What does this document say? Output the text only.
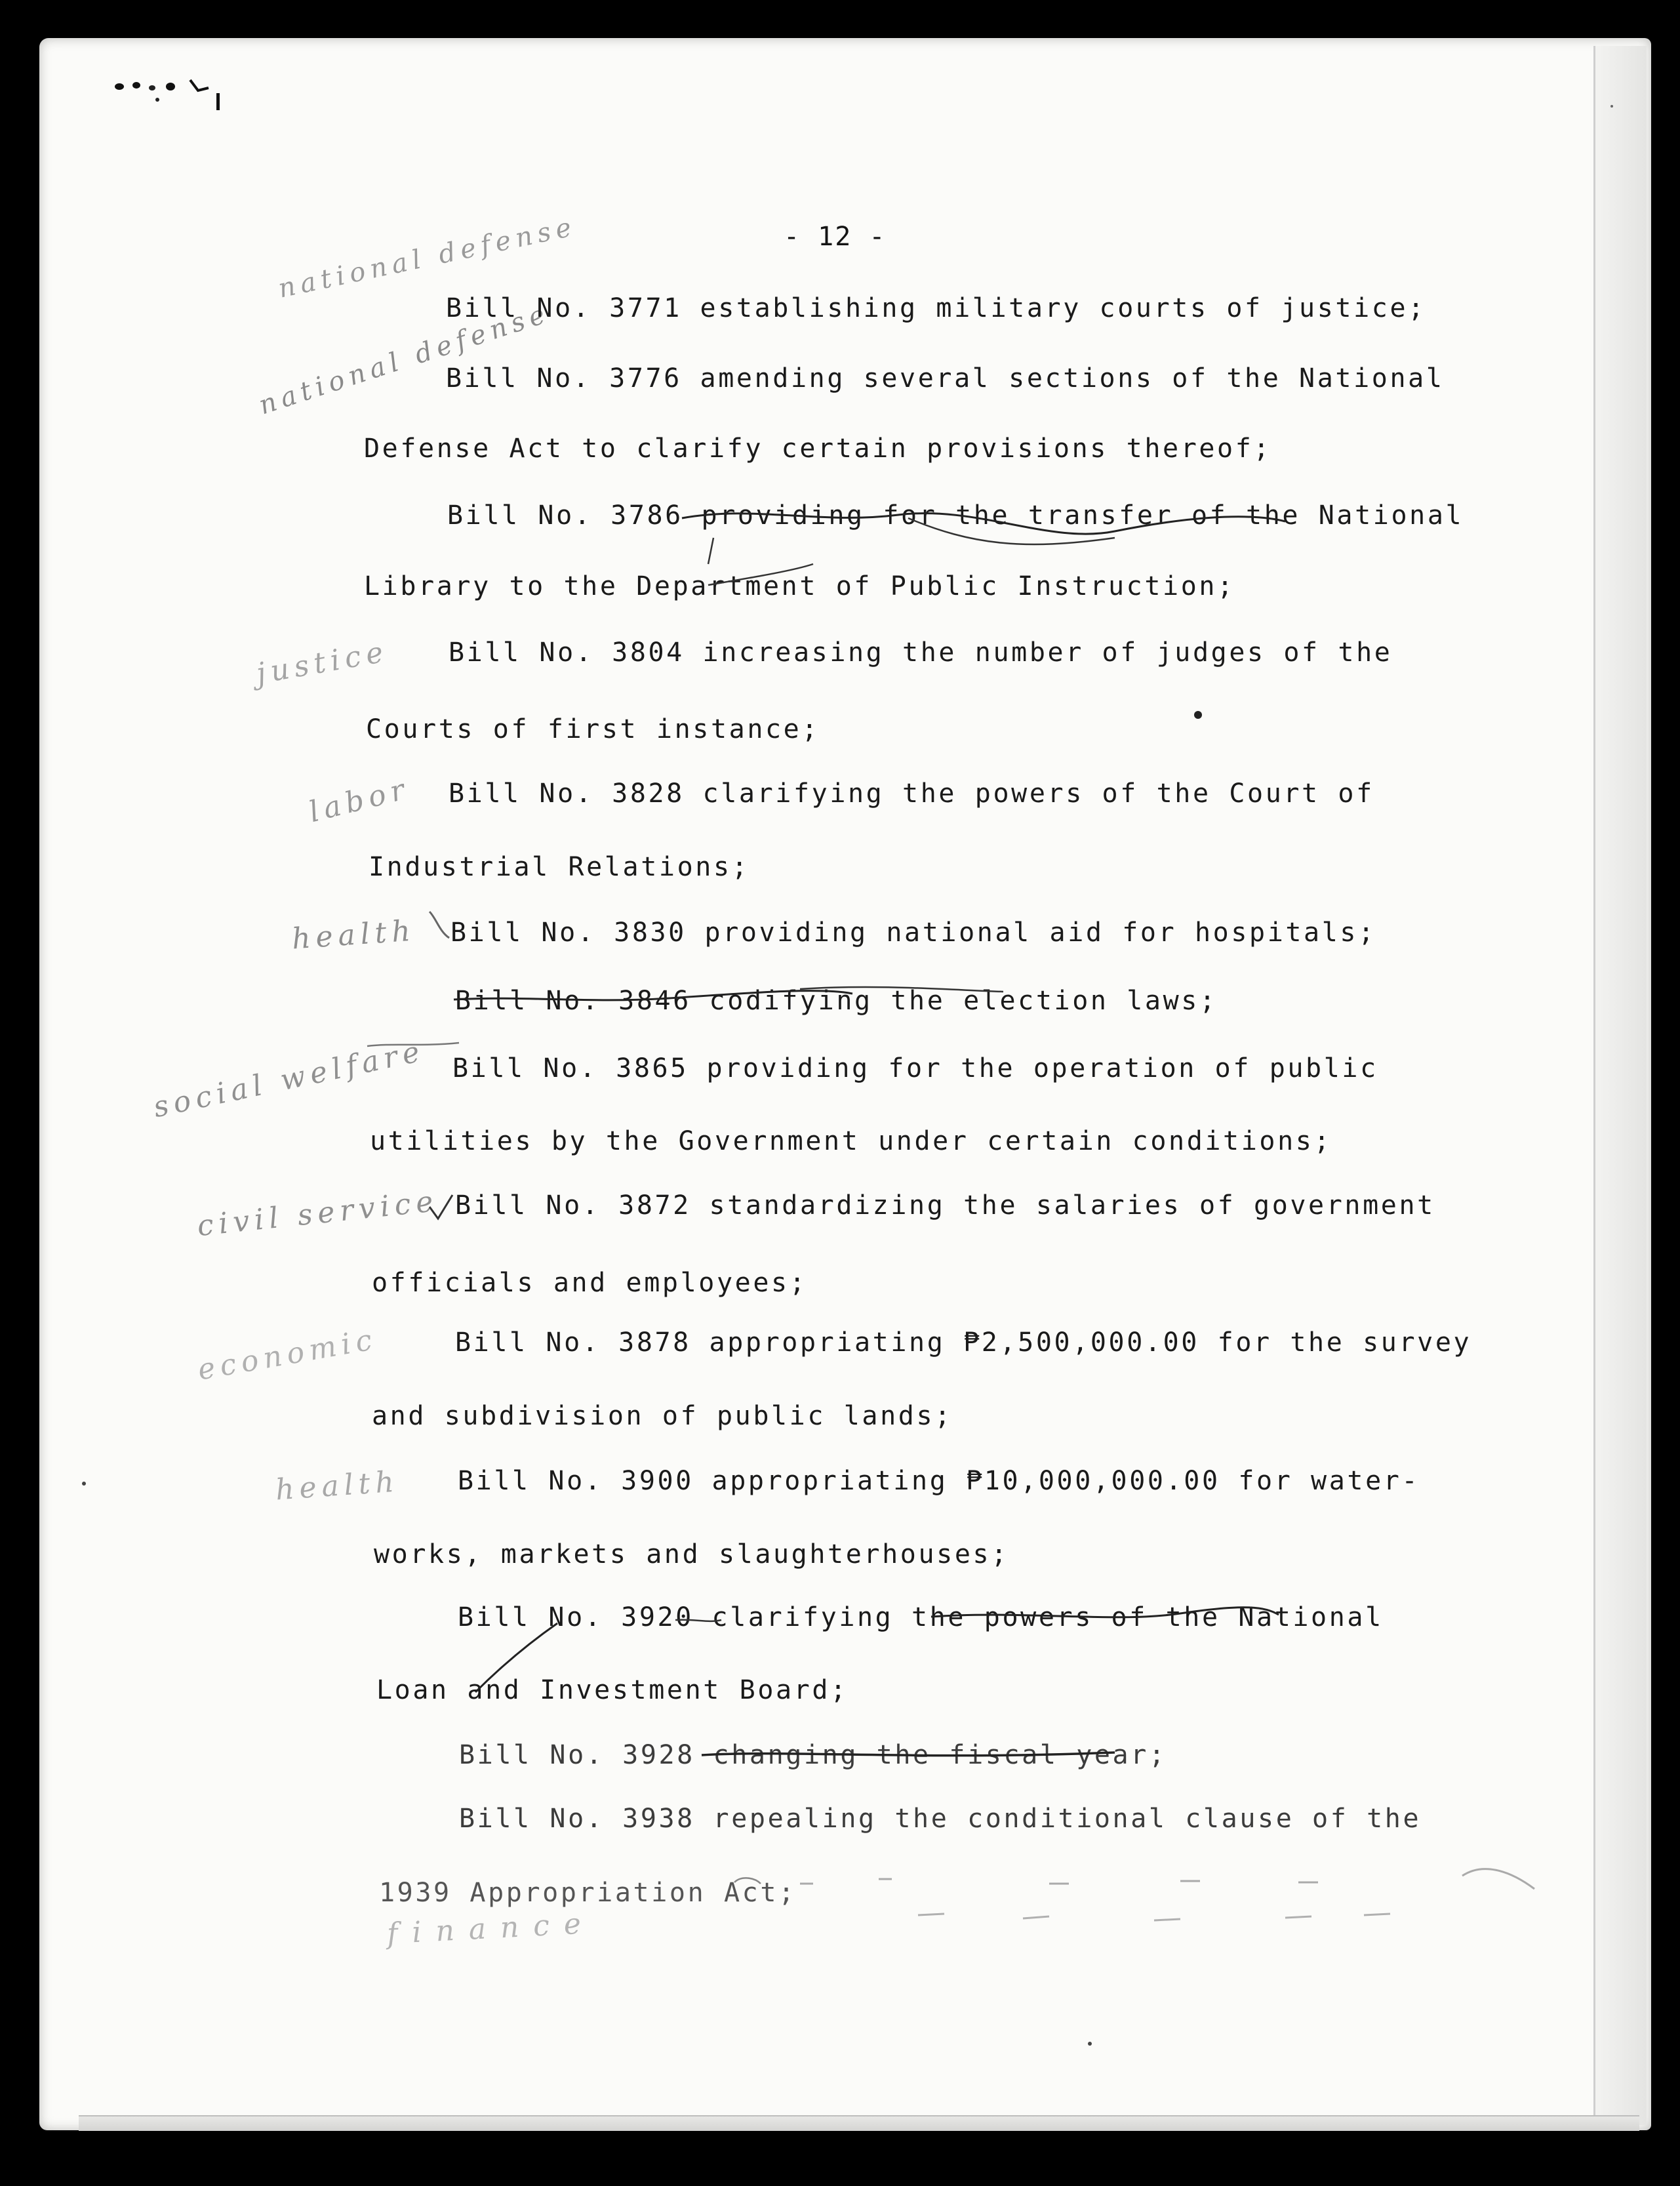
- 12 -
national defense
national defense
justice
labor
health
social welfare
civil service
economic
health
finance
Bill No. 3771 establishing military courts of justice;
Bill No. 3776 amending several sections of the National
Defense Act to clarify certain provisions thereof;
Bill No. 3786 providing for the transfer of the National
Library to the Department of Public Instruction;
Bill No. 3804 increasing the number of judges of the
Courts of first instance;
Bill No. 3828 clarifying the powers of the Court of
Industrial Relations;
Bill No. 3830 providing national aid for hospitals;
Bill No. 3846 codifying the election laws;
Bill No. 3865 providing for the operation of public
utilities by the Government under certain conditions;
Bill No. 3872 standardizing the salaries of government
officials and employees;
Bill No. 3878 appropriating ₱2,500,000.00 for the survey
and subdivision of public lands;
Bill No. 3900 appropriating ₱10,000,000.00 for water-
works, markets and slaughterhouses;
Bill No. 3920 clarifying the powers of the National
Loan and Investment Board;
Bill No. 3928 changing the fiscal year;
Bill No. 3938 repealing the conditional clause of the
1939 Appropriation Act;
